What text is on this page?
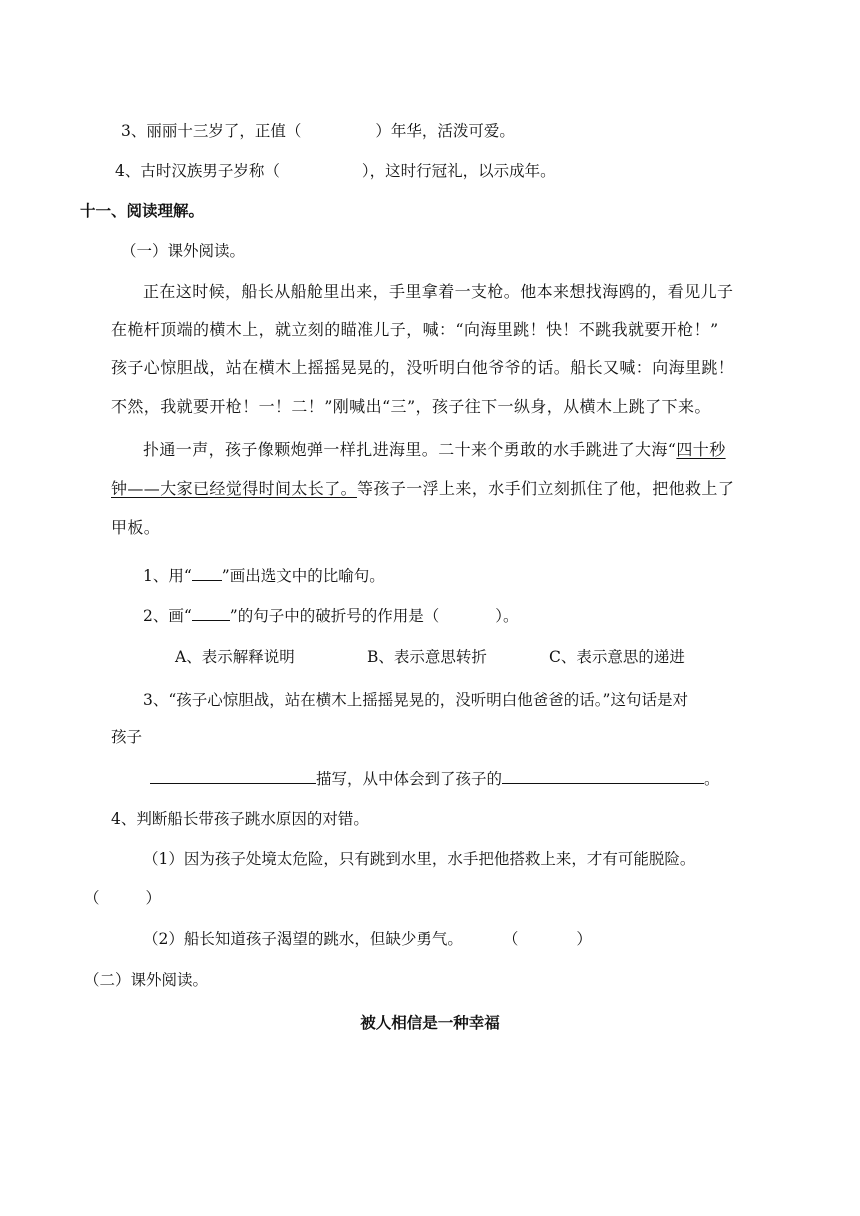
3、丽丽十三岁了，正值（	）年华，活泼可爱。
4、古时汉族男子岁称（	），这时行冠礼，以示成年。
十一、阅读理解。
（一）课外阅读。
正在这时候，船长从船舱里出来，手里拿着一支枪。他本来想找海鸥的，看见儿子
在桅杆顶端的横木上，就立刻的瞄准儿子，喊：“向海里跳！快！不跳我就要开枪！”
孩子心惊胆战，站在横木上摇摇晃晃的，没听明白他爷爷的话。船长又喊：向海里跳！
不然，我就要开枪！一！二！”刚喊出“三”，孩子往下一纵身，从横木上跳了下来。
扑通一声，孩子像颗炮弹一样扎进海里。二十来个勇敢的水手跳进了大海“四十秒
钟——大家已经觉得时间太长了。等孩子一浮上来，水手们立刻抓住了他，把他救上了
甲板。
1、用“ ”画出选文中的比喻句。
2、画“ ”的句子中的破折号的作用是（	）。
A、表示解释说明	B、表示意思转折	C、表示意思的递进
3、“孩子心惊胆战，站在横木上摇摇晃晃的，没听明白他爸爸的话。”这句话是对
孩子
描写，从中体会到了孩子的	。
4、判断船长带孩子跳水原因的对错。
（1）因为孩子处境太危险，只有跳到水里，水手把他搭救上来，才有可能脱险。
（	）
（2）船长知道孩子渴望的跳水，但缺少勇气。	（	）
（二）课外阅读。
被人相信是一种幸福
